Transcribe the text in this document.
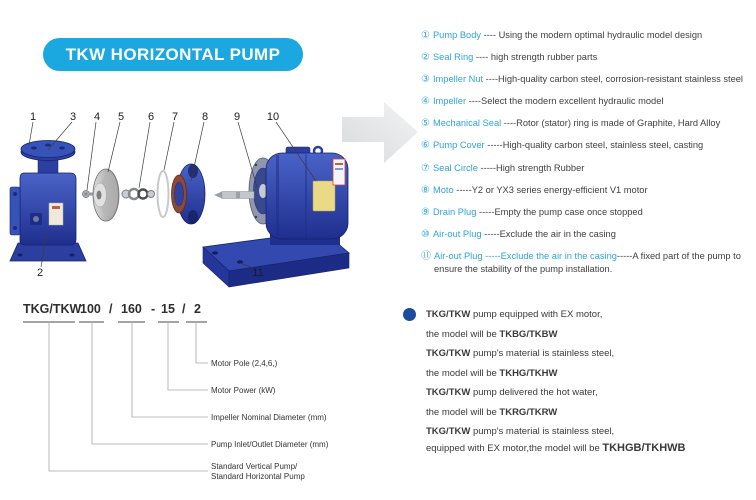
TKW HORIZONTAL PUMP
1	3 4 5 6 7 8 9 10
2	11
① Pump Body ---- Using the modern optimal hydraulic model design
② Seal Ring ---- high strength rubber parts
③ Impeller Nut ----High-quality carbon steel, corrosion-resistant stainless steel
④ Impeller ----Select the modern excellent hydraulic model
⑤ Mechanical Seal ----Rotor (stator) ring is made of Graphite, Hard Alloy
⑥ Pump Cover -----High-quality carbon steel, stainless steel, casting
⑦ Seal Circle -----High strength Rubber
⑧ Moto -----Y2 or YX3 series energy-efficient V1 motor
⑨ Drain Plug -----Empty the pump case once stopped
⑩ Air-out Plug -----Exclude the air in the casing
⑪ Air-out Plug -----Exclude the air in the casing-----A fixed part of the pump to ensure the stability of the pump installation.
TKG/TKW
100 / 160 - 15 / 2
Motor Pole (2,4,6,)
Motor Power (kW)
Impeller Nominal Diameter (mm)
Pump Inlet/Outlet Diameter (mm)
Standard Vertical Pump/
Standard Horizontal Pump
TKG/TKW pump equipped with EX motor,
the model will be TKBG/TKBW
TKG/TKW pump's material is stainless steel,
the model will be TKHG/TKHW
TKG/TKW pump delivered the hot water,
the model will be TKRG/TKRW
TKG/TKW pump's material is stainless steel,
equipped with EX motor,the model will be TKHGB/TKHWB
